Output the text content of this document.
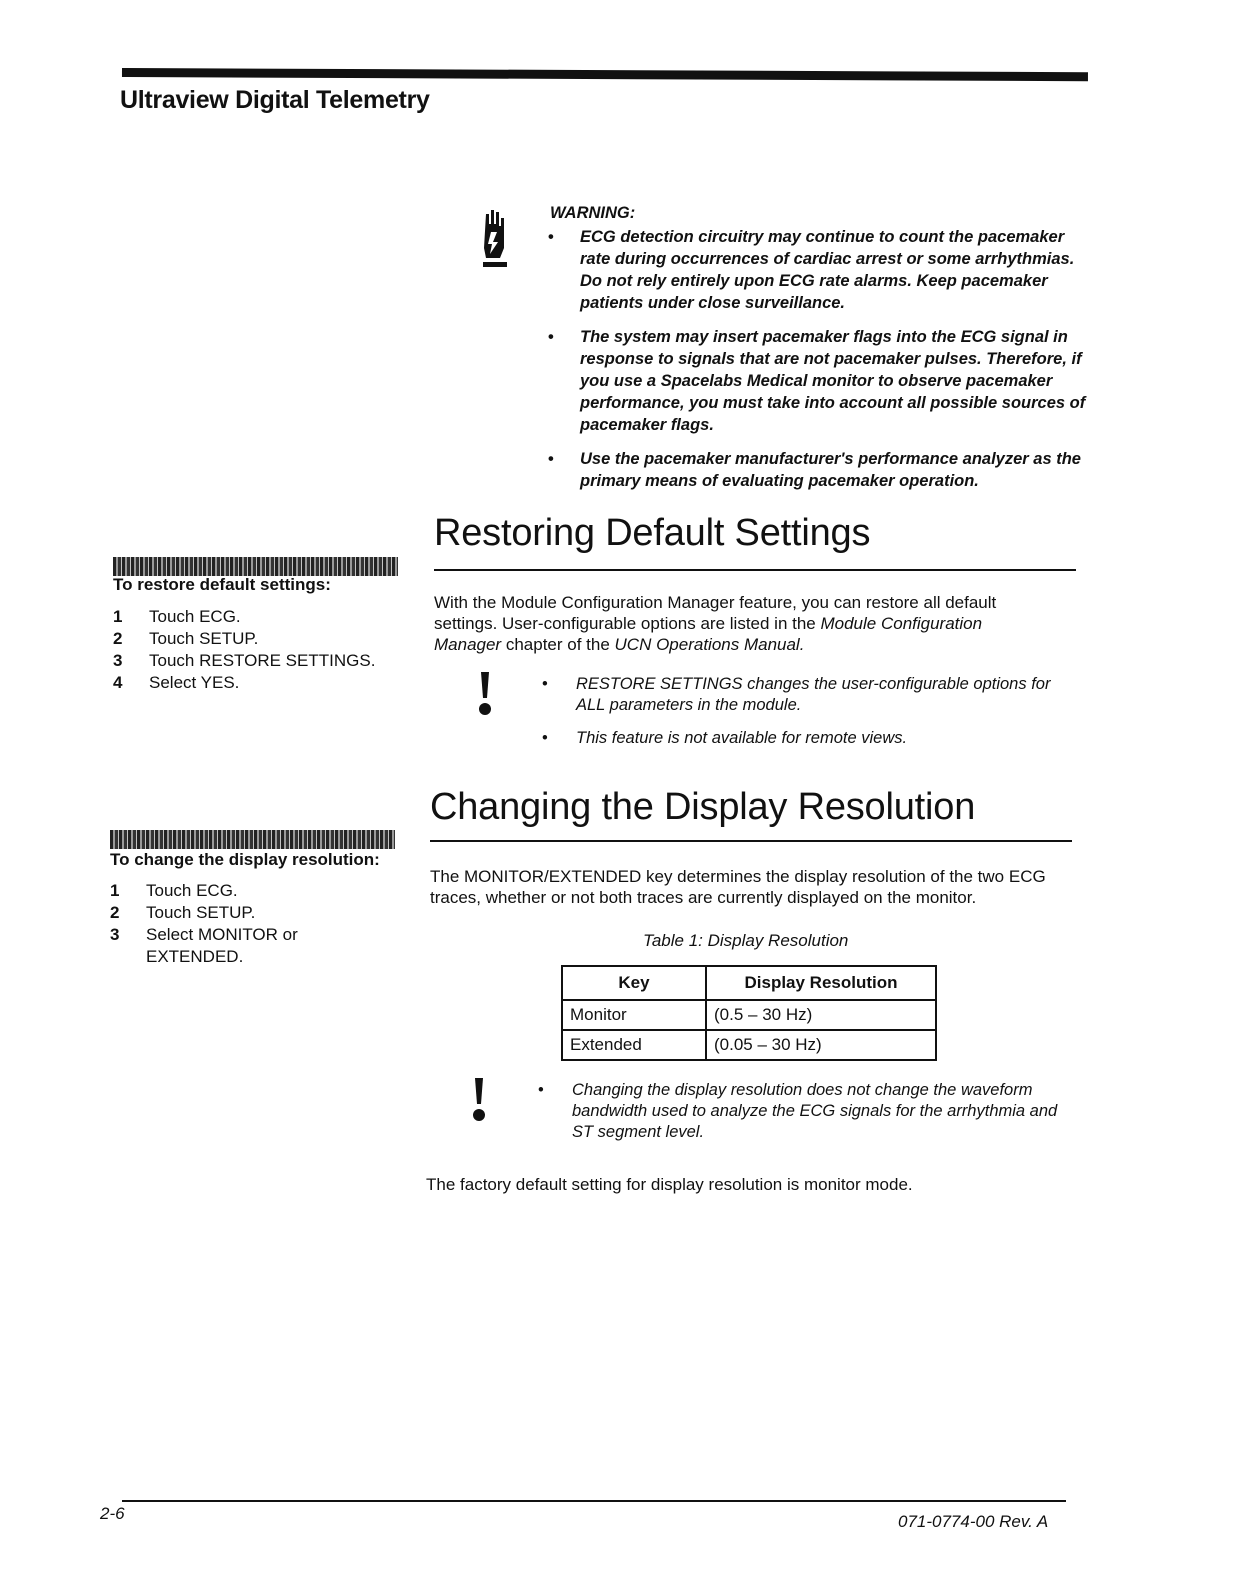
Ultraview Digital Telemetry
WARNING:
• ECG detection circuitry may continue to count the pacemaker rate during occurrences of cardiac arrest or some arrhythmias. Do not rely entirely upon ECG rate alarms. Keep pacemaker patients under close surveillance.
• The system may insert pacemaker flags into the ECG signal in response to signals that are not pacemaker pulses. Therefore, if you use a Spacelabs Medical monitor to observe pacemaker performance, you must take into account all possible sources of pacemaker flags.
• Use the pacemaker manufacturer's performance analyzer as the primary means of evaluating pacemaker operation.
Restoring Default Settings
To restore default settings:
1	Touch ECG.
2	Touch SETUP.
3	Touch RESTORE SETTINGS.
4	Select YES.
With the Module Configuration Manager feature, you can restore all default settings. User-configurable options are listed in the Module Configuration Manager chapter of the UCN Operations Manual.
• RESTORE SETTINGS changes the user-configurable options for ALL parameters in the module.
• This feature is not available for remote views.
Changing the Display Resolution
To change the display resolution:
1	Touch ECG.
2	Touch SETUP.
3	Select MONITOR or EXTENDED.
The MONITOR/EXTENDED key determines the display resolution of the two ECG traces, whether or not both traces are currently displayed on the monitor.
Table 1: Display Resolution
Key	Display Resolution
Monitor	(0.5 – 30 Hz)
Extended	(0.05 – 30 Hz)
• Changing the display resolution does not change the waveform bandwidth used to analyze the ECG signals for the arrhythmia and ST segment level.
The factory default setting for display resolution is monitor mode.
2-6	071-0774-00 Rev. A
